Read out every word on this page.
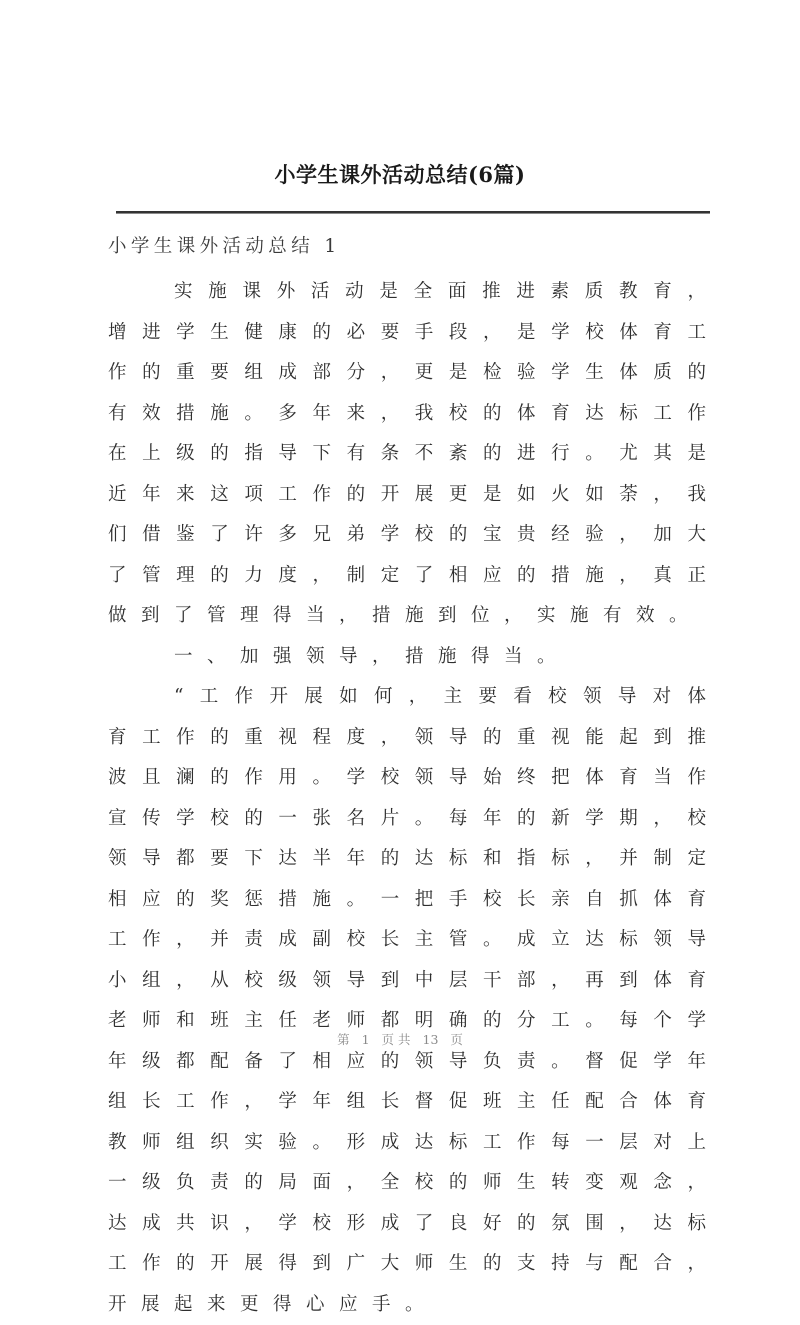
小学生课外活动总结(6篇)
小学生课外活动总结 1

实施课外活动是全面推进素质教育，增进学生健康的必要手段，是学校体育工作的重要组成部分，更是检验学生体质的有效措施。多年来，我校的体育达标工作在上级的指导下有条不紊的进行。尤其是近年来这项工作的开展更是如火如荼，我们借鉴了许多兄弟学校的宝贵经验，加大了管理的力度，制定了相应的措施，真正做到了管理得当，措施到位，实施有效。

一、加强领导，措施得当。

“工作开展如何，主要看校领导对体育工作的重视程度，领导的重视能起到推波且澜的作用。学校领导始终把体育当作宣传学校的一张名片。每年的新学期，校领导都要下达半年的达标和指标，并制定相应的奖惩措施。一把手校长亲自抓体育工作，并责成副校长主管。成立达标领导小组，从校级领导到中层干部，再到体育老师和班主任老师都明确的分工。每个学年级都配备了相应的领导负责。督促学年组长工作，学年组长督促班主任配合体育教师组织实验。形成达标工作每一层对上一级负责的局面，全校的师生转变观念，达成共识，学校形成了良好的氛围，达标工作的开展得到广大师生的支持与配合，开展起来更得心应手。

第 1 页 共 13 页
